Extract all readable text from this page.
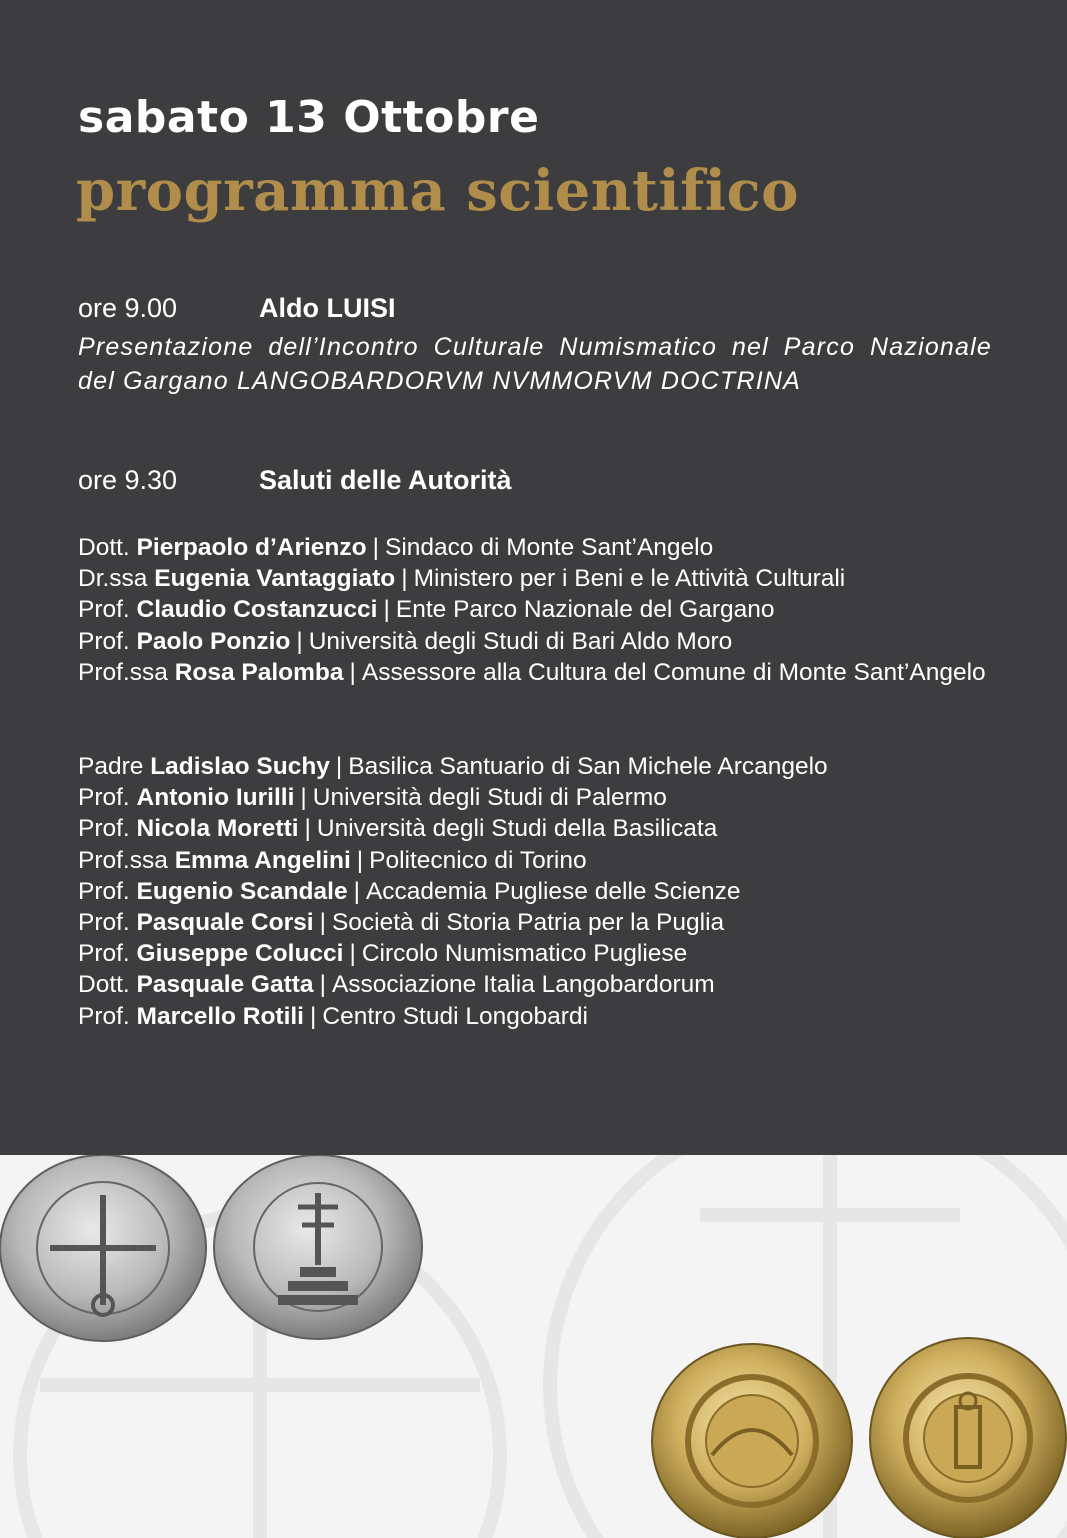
sabato 13 Ottobre
programma scientifico
ore 9.00	Aldo LUISI
Presentazione dell’Incontro Culturale Numismatico nel Parco Nazionale del Gargano LANGOBARDORVM NVMMORVM DOCTRINA
ore 9.30	Saluti delle Autorità
Dott. Pierpaolo d’Arienzo | Sindaco di Monte Sant’Angelo
Dr.ssa Eugenia Vantaggiato | Ministero per i Beni e le Attività Culturali
Prof. Claudio Costanzucci | Ente Parco Nazionale del Gargano
Prof. Paolo Ponzio | Università degli Studi di Bari Aldo Moro
Prof.ssa Rosa Palomba | Assessore alla Cultura del Comune di Monte Sant’Angelo
Padre Ladislao Suchy | Basilica Santuario di San Michele Arcangelo
Prof. Antonio Iurilli | Università degli Studi di Palermo
Prof. Nicola Moretti | Università degli Studi della Basilicata
Prof.ssa Emma Angelini | Politecnico di Torino
Prof. Eugenio Scandale | Accademia Pugliese delle Scienze
Prof. Pasquale Corsi | Società di Storia Patria per la Puglia
Prof. Giuseppe Colucci | Circolo Numismatico Pugliese
Dott. Pasquale Gatta | Associazione Italia Langobardorum
Prof. Marcello Rotili | Centro Studi Longobardi
